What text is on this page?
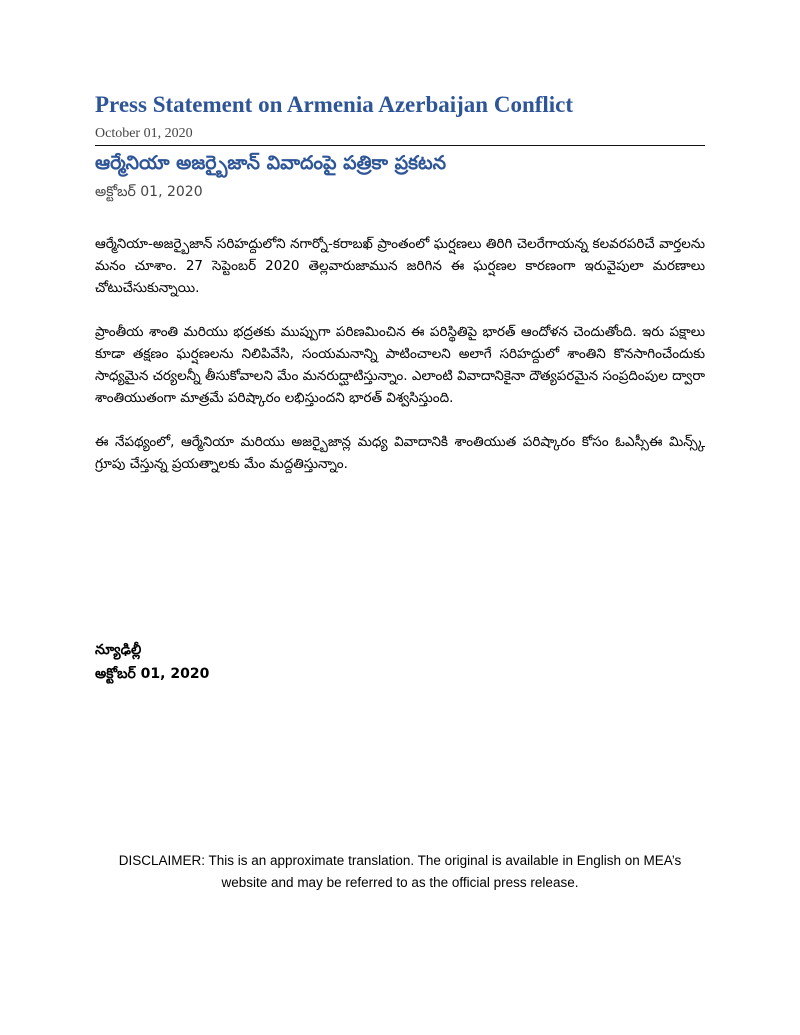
Press Statement on Armenia Azerbaijan Conflict
October 01, 2020
ఆర్మేనియా అజర్బైజాన్ వివాదంపై పత్రికా ప్రకటన
అక్టోబర్ 01, 2020

ఆర్మేనియా-అజర్బైజాన్ సరిహద్దులోని నగార్నో-కరాబఖ్ ప్రాంతంలో ఘర్షణలు తిరిగి చెలరేగాయన్న కలవరపరిచే వార్తలను మనం చూశాం. 27 సెప్టెంబర్ 2020 తెల్లవారుజామున జరిగిన ఈ ఘర్షణల కారణంగా ఇరువైపులా మరణాలు చోటుచేసుకున్నాయి.

ప్రాంతీయ శాంతి మరియు భద్రతకు ముప్పుగా పరిణమించిన ఈ పరిస్థితిపై భారత్ ఆందోళన చెందుతోంది. ఇరు పక్షాలు కూడా తక్షణం ఘర్షణలను నిలిపివేసి, సంయమనాన్ని పాటించాలని అలాగే సరిహద్దులో శాంతిని కొనసాగించేందుకు సాధ్యమైన చర్యలన్నీ తీసుకోవాలని మేం మనరుద్ఘాటిస్తున్నాం. ఎలాంటి వివాదానికైనా దౌత్యపరమైన సంప్రదింపుల ద్వారా శాంతియుతంగా మాత్రమే పరిష్కారం లభిస్తుందని భారత్ విశ్వసిస్తుంది.

ఈ నేపథ్యంలో, ఆర్మేనియా మరియు అజర్బైజాన్ల మధ్య వివాదానికి శాంతియుత పరిష్కారం కోసం ఓఎస్సీఈ మిన్స్క్ గ్రూపు చేస్తున్న ప్రయత్నాలకు మేం మద్దతిస్తున్నాం.

న్యూఢిల్లీ
అక్టోబర్ 01, 2020
DISCLAIMER: This is an approximate translation. The original is available in English on MEA’s website and may be referred to as the official press release.
